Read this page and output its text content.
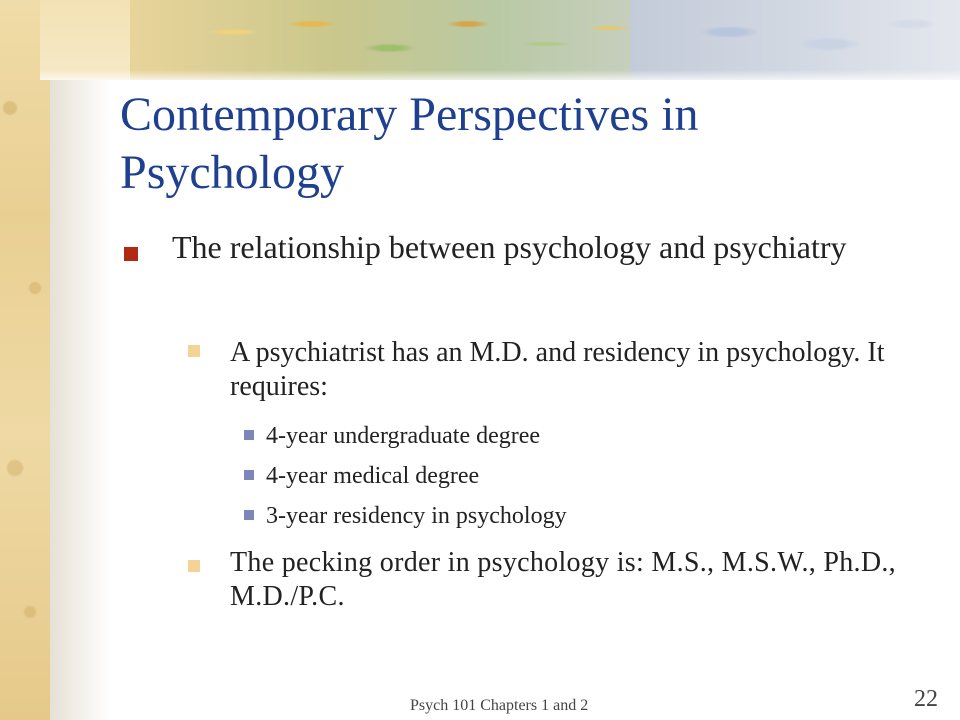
Contemporary Perspectives in Psychology
The relationship between psychology and psychiatry
A psychiatrist has an M.D. and residency in psychology. It requires:
4-year undergraduate degree
4-year medical degree
3-year residency in psychology
The pecking order in psychology is: M.S., M.S.W., Ph.D., M.D./P.C.
Psych 101 Chapters 1 and 2	22
